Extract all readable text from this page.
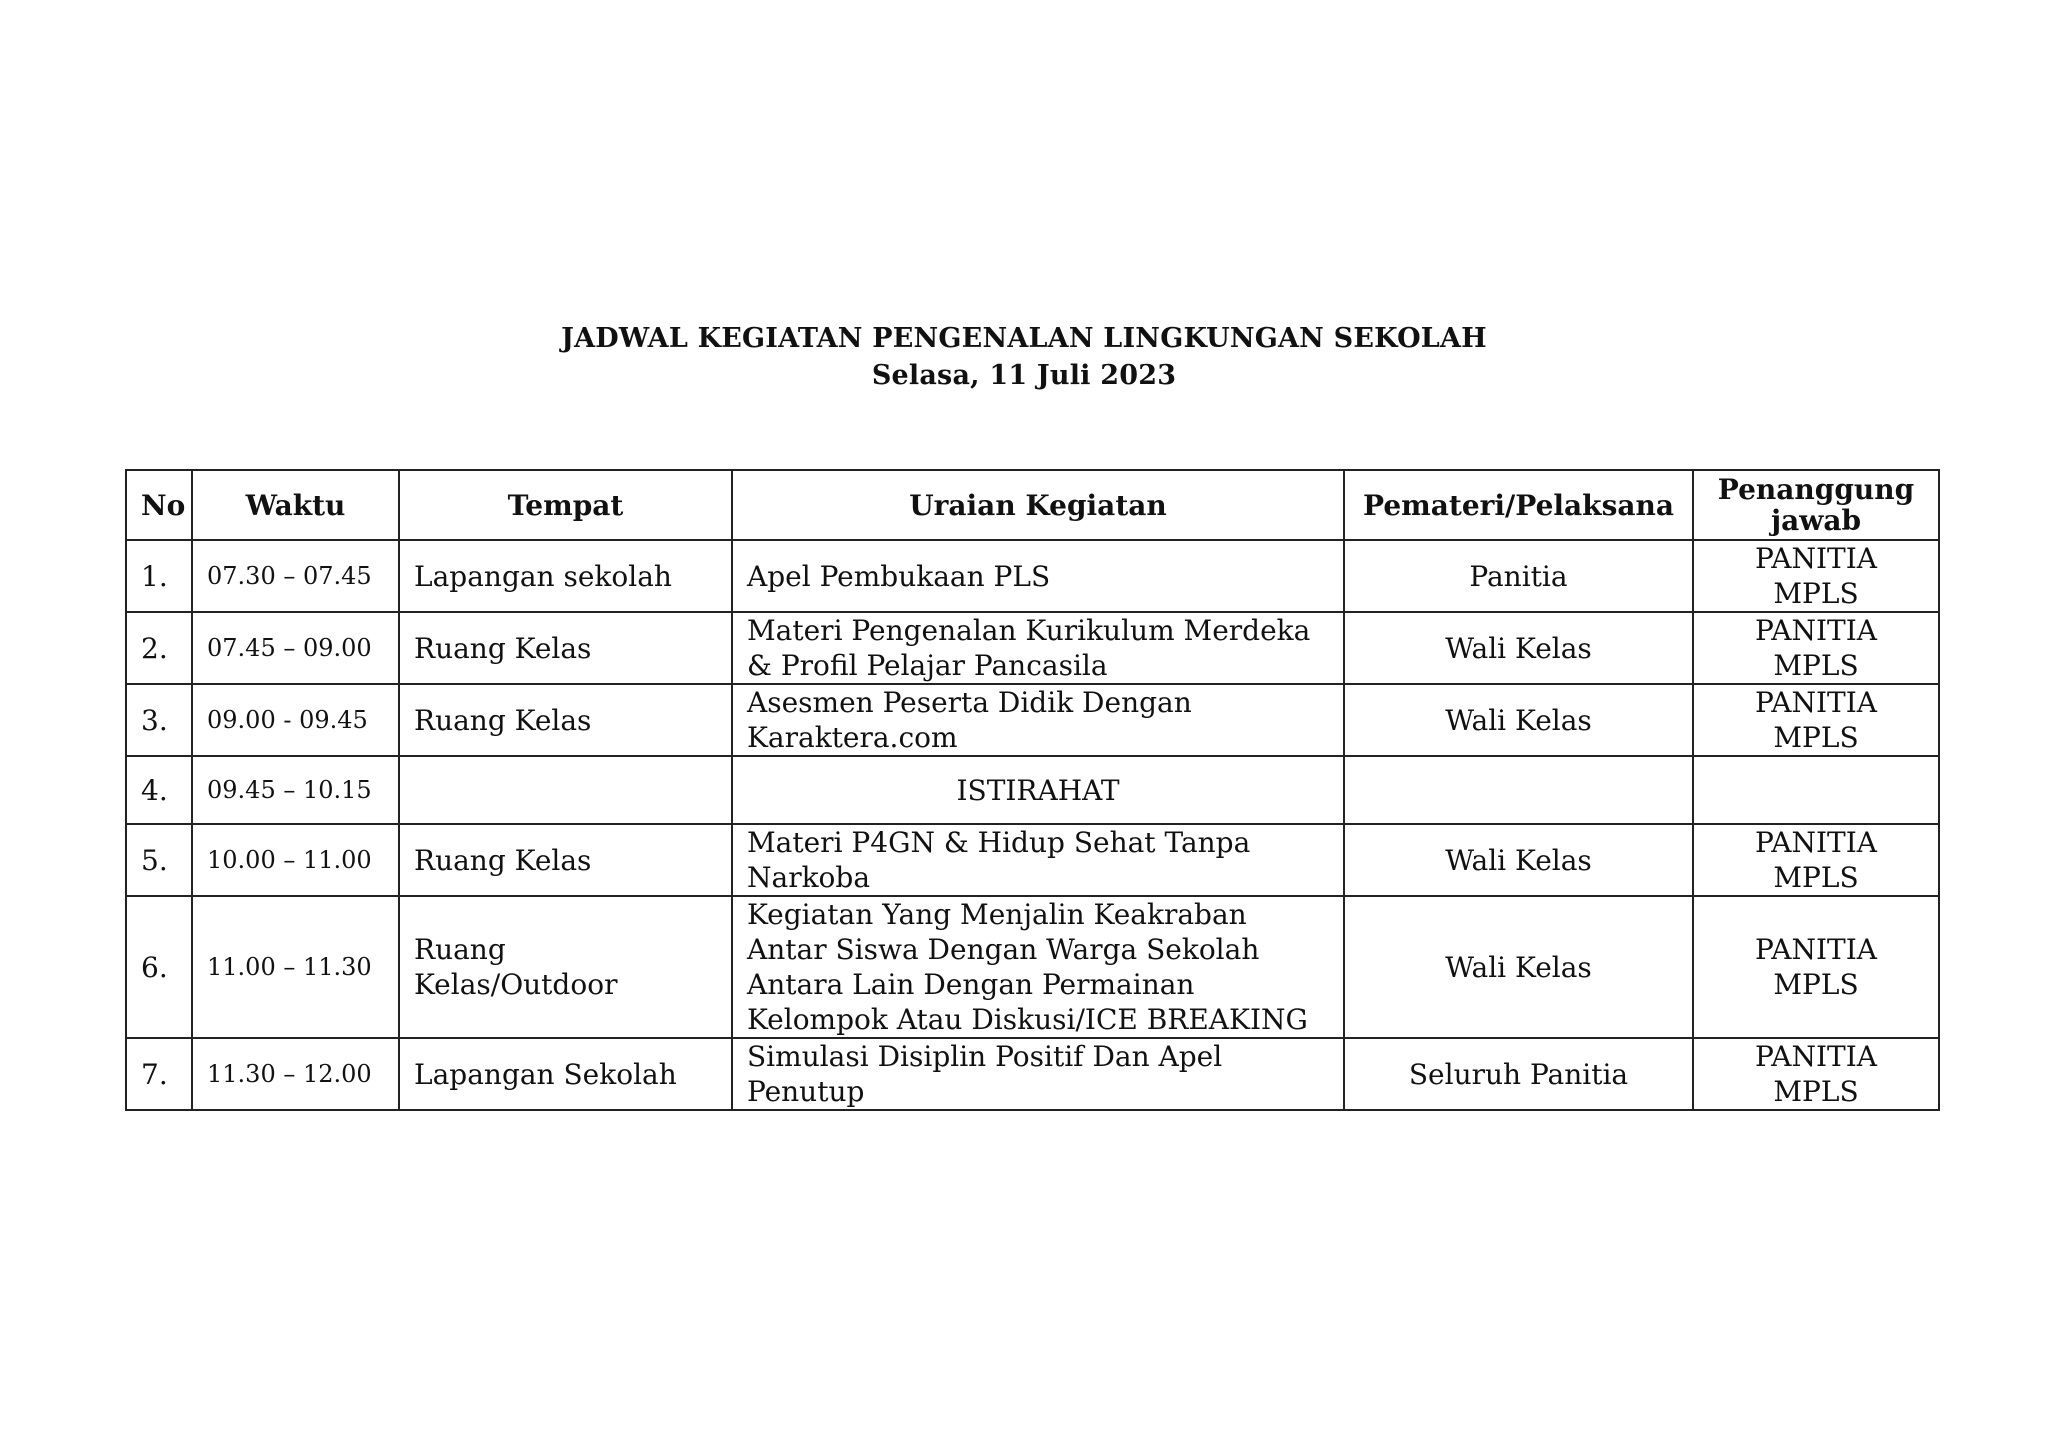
JADWAL KEGIATAN PENGENALAN LINGKUNGAN SEKOLAH
Selasa, 11 Juli 2023
No	Waktu	Tempat	Uraian Kegiatan	Pemateri/Pelaksana	Penanggung jawab
1.	07.30 – 07.45	Lapangan sekolah	Apel Pembukaan PLS	Panitia	PANITIA MPLS
2.	07.45 – 09.00	Ruang Kelas	Materi Pengenalan Kurikulum Merdeka & Profil Pelajar Pancasila	Wali Kelas	PANITIA MPLS
3.	09.00 - 09.45	Ruang Kelas	Asesmen Peserta Didik Dengan Karaktera.com	Wali Kelas	PANITIA MPLS
4.	09.45 – 10.15		ISTIRAHAT		
5.	10.00 – 11.00	Ruang Kelas	Materi P4GN & Hidup Sehat Tanpa Narkoba	Wali Kelas	PANITIA MPLS
6.	11.00 – 11.30	Ruang Kelas/Outdoor	Kegiatan Yang Menjalin Keakraban Antar Siswa Dengan Warga Sekolah Antara Lain Dengan Permainan Kelompok Atau Diskusi/ICE BREAKING	Wali Kelas	PANITIA MPLS
7.	11.30 – 12.00	Lapangan Sekolah	Simulasi Disiplin Positif Dan Apel Penutup	Seluruh Panitia	PANITIA MPLS
